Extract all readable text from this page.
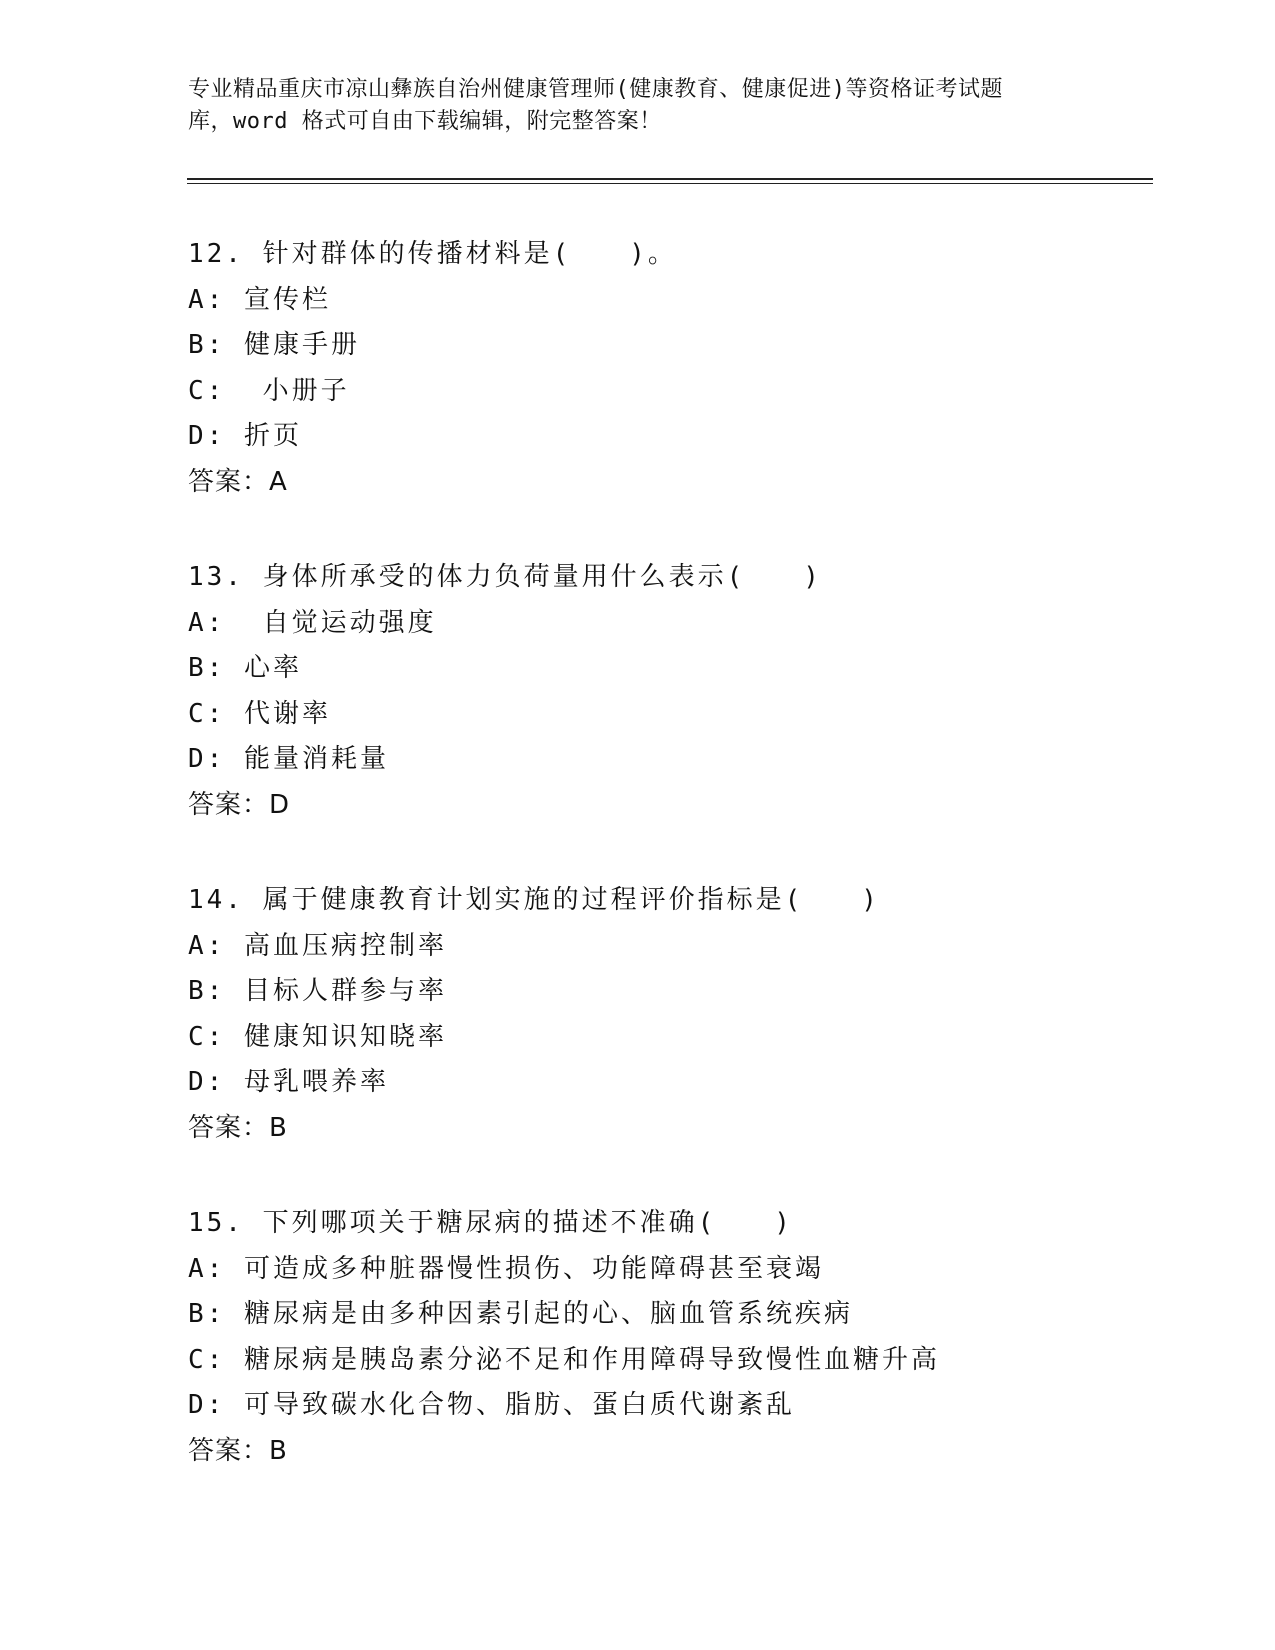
专业精品重庆市凉山彝族自治州健康管理师(健康教育、健康促进)等资格证考试题
库，word 格式可自由下载编辑，附完整答案！
12. 针对群体的传播材料是(　　)。
A: 宣传栏
B: 健康手册
C:  小册子
D: 折页
答案：A
13. 身体所承受的体力负荷量用什么表示(　　)
A:  自觉运动强度
B: 心率
C: 代谢率
D: 能量消耗量
答案：D
14. 属于健康教育计划实施的过程评价指标是(　　)
A: 高血压病控制率
B: 目标人群参与率
C: 健康知识知晓率
D: 母乳喂养率
答案：B
15. 下列哪项关于糖尿病的描述不准确(　　)
A: 可造成多种脏器慢性损伤、功能障碍甚至衰竭
B: 糖尿病是由多种因素引起的心、脑血管系统疾病
C: 糖尿病是胰岛素分泌不足和作用障碍导致慢性血糖升高
D: 可导致碳水化合物、脂肪、蛋白质代谢紊乱
答案：B
